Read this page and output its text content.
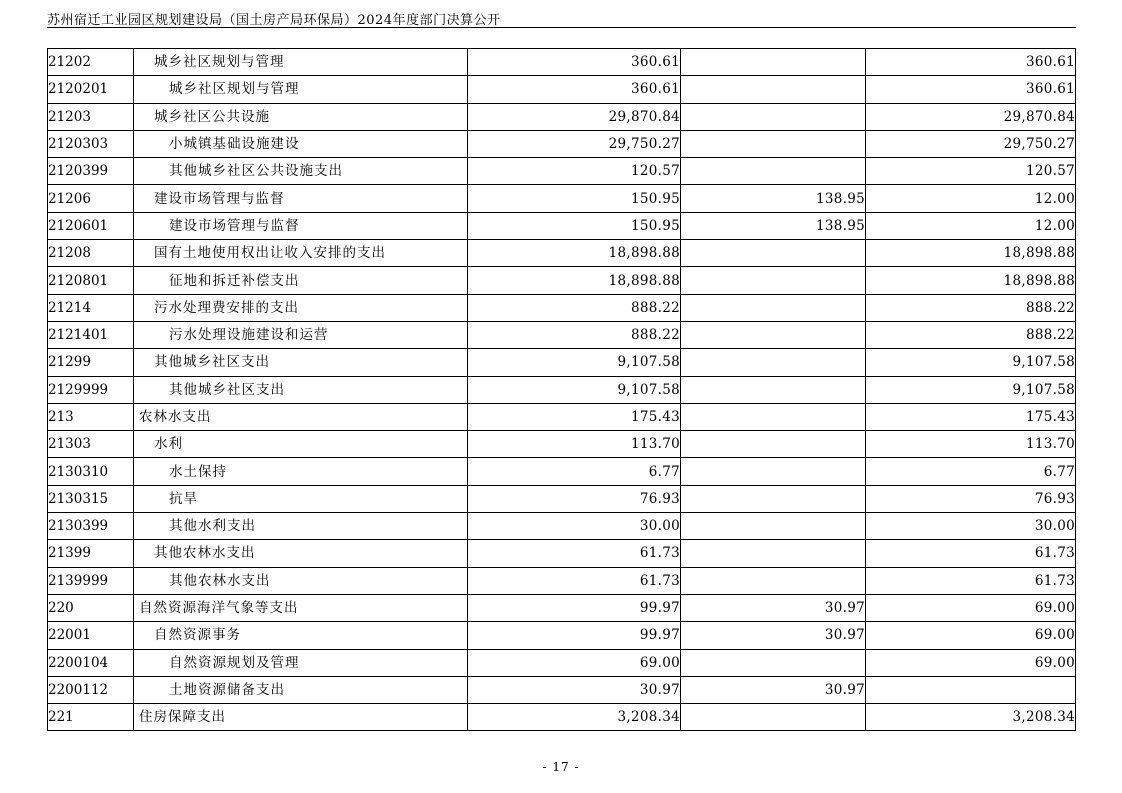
苏州宿迁工业园区规划建设局（国土房产局环保局）2024年度部门决算公开
21202	城乡社区规划与管理	360.61		360.61
2120201	城乡社区规划与管理	360.61		360.61
21203	城乡社区公共设施	29,870.84		29,870.84
2120303	小城镇基础设施建设	29,750.27		29,750.27
2120399	其他城乡社区公共设施支出	120.57		120.57
21206	建设市场管理与监督	150.95	138.95	12.00
2120601	建设市场管理与监督	150.95	138.95	12.00
21208	国有土地使用权出让收入安排的支出	18,898.88		18,898.88
2120801	征地和拆迁补偿支出	18,898.88		18,898.88
21214	污水处理费安排的支出	888.22		888.22
2121401	污水处理设施建设和运营	888.22		888.22
21299	其他城乡社区支出	9,107.58		9,107.58
2129999	其他城乡社区支出	9,107.58		9,107.58
213	农林水支出	175.43		175.43
21303	水利	113.70		113.70
2130310	水土保持	6.77		6.77
2130315	抗旱	76.93		76.93
2130399	其他水利支出	30.00		30.00
21399	其他农林水支出	61.73		61.73
2139999	其他农林水支出	61.73		61.73
220	自然资源海洋气象等支出	99.97	30.97	69.00
22001	自然资源事务	99.97	30.97	69.00
2200104	自然资源规划及管理	69.00		69.00
2200112	土地资源储备支出	30.97	30.97	
221	住房保障支出	3,208.34		3,208.34
- 17 -
